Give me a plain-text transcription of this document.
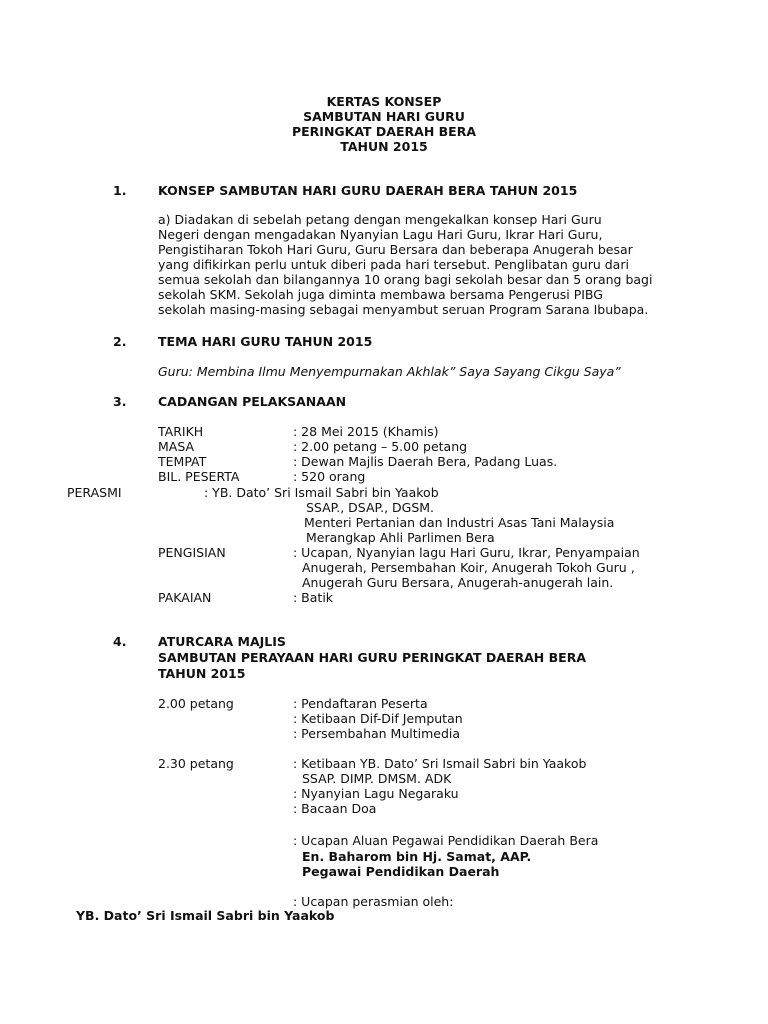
KERTAS KONSEP
SAMBUTAN HARI GURU
PERINGKAT DAERAH BERA
TAHUN 2015
1.	KONSEP SAMBUTAN HARI GURU DAERAH BERA TAHUN 2015
a) Diadakan di sebelah petang dengan mengekalkan konsep Hari Guru
Negeri dengan mengadakan Nyanyian Lagu Hari Guru, Ikrar Hari Guru,
Pengistiharan Tokoh Hari Guru, Guru Bersara dan beberapa Anugerah besar
yang difikirkan perlu untuk diberi pada hari tersebut. Penglibatan guru dari
semua sekolah dan bilangannya 10 orang bagi sekolah besar dan 5 orang bagi
sekolah SKM. Sekolah juga diminta membawa bersama Pengerusi PIBG
sekolah masing-masing sebagai menyambut seruan Program Sarana Ibubapa.
2.	TEMA HARI GURU TAHUN 2015
Guru: Membina Ilmu Menyempurnakan Akhlak” Saya Sayang Cikgu Saya”
3.	CADANGAN PELAKSANAAN
TARIKH	: 28 Mei 2015 (Khamis)
MASA	: 2.00 petang – 5.00 petang
TEMPAT	: Dewan Majlis Daerah Bera, Padang Luas.
BIL. PESERTA	: 520 orang
PERASMI	: YB. Dato’ Sri Ismail Sabri bin Yaakob
SSAP., DSAP., DGSM.
Menteri Pertanian dan Industri Asas Tani Malaysia
Merangkap Ahli Parlimen Bera
PENGISIAN	: Ucapan, Nyanyian lagu Hari Guru, Ikrar, Penyampaian
Anugerah, Persembahan Koir, Anugerah Tokoh Guru ,
Anugerah Guru Bersara, Anugerah-anugerah lain.
PAKAIAN	: Batik
4.	ATURCARA MAJLIS
SAMBUTAN PERAYAAN HARI GURU PERINGKAT DAERAH BERA
TAHUN 2015
2.00 petang	: Pendaftaran Peserta
: Ketibaan Dif-Dif Jemputan
: Persembahan Multimedia
2.30 petang	: Ketibaan YB. Dato’ Sri Ismail Sabri bin Yaakob
SSAP. DIMP. DMSM. ADK
: Nyanyian Lagu Negaraku
: Bacaan Doa
: Ucapan Aluan Pegawai Pendidikan Daerah Bera
En. Baharom bin Hj. Samat, AAP.
Pegawai Pendidikan Daerah
: Ucapan perasmian oleh:
YB. Dato’ Sri Ismail Sabri bin Yaakob
